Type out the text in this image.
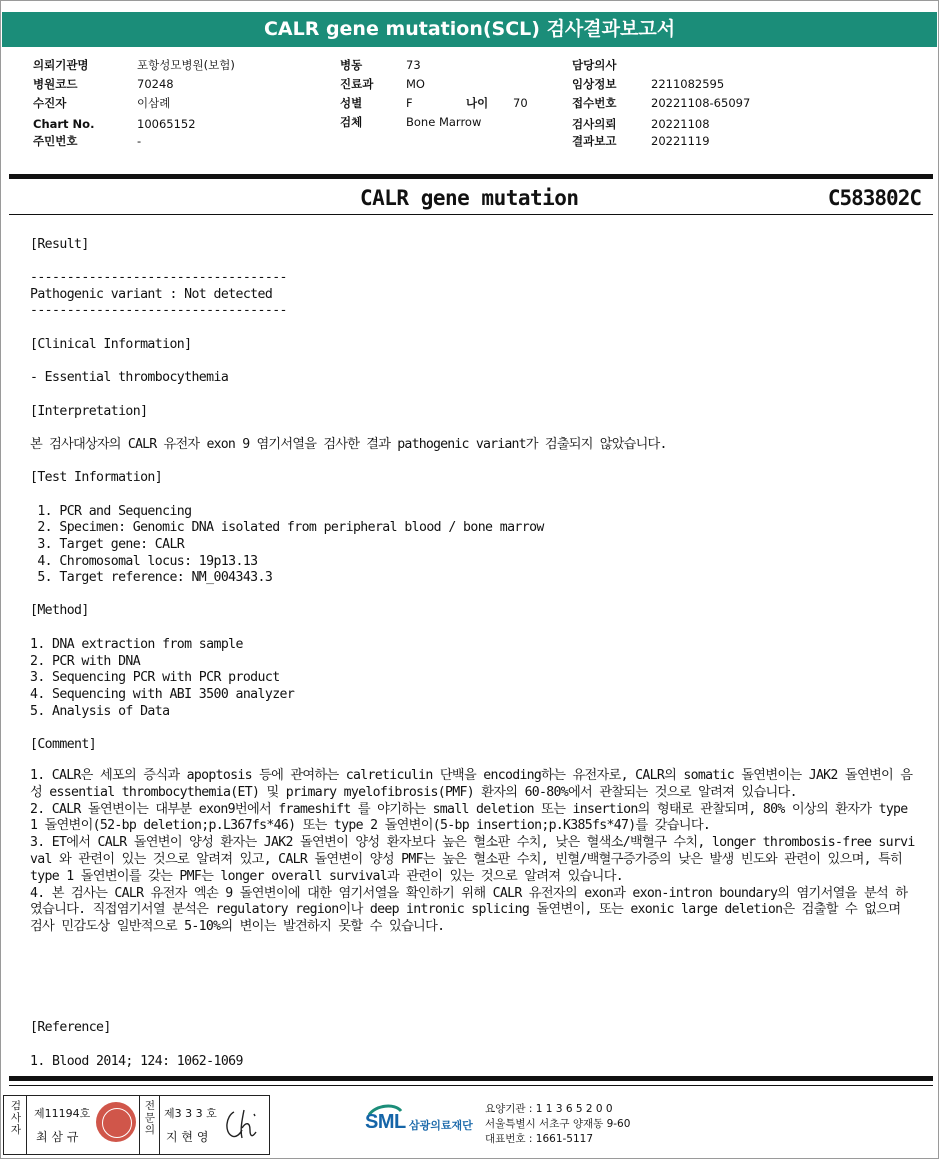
CALR gene mutation(SCL) 검사결과보고서
의뢰기관명	포항성모병원(보험)
병원코드	70248
수진자	이삼례
Chart No.	10065152
주민번호	-
병동	73
진료과	MO
성별	F	나이 70
검체	Bone Marrow
담당의사
임상정보	2211082595
접수번호	20221108-65097
검사의뢰	20221108
결과보고	20221119
CALR gene mutation	C583802C
[Result]
-----------------------------------
Pathogenic variant : Not detected
-----------------------------------
[Clinical Information]
- Essential thrombocythemia
[Interpretation]
본 검사대상자의 CALR 유전자 exon 9 염기서열을 검사한 결과 pathogenic variant가 검출되지 않았습니다.
[Test Information]
1. PCR and Sequencing
2. Specimen: Genomic DNA isolated from peripheral blood / bone marrow
3. Target gene: CALR
4. Chromosomal locus: 19p13.13
5. Target reference: NM_004343.3
[Method]
1. DNA extraction from sample
2. PCR with DNA
3. Sequencing PCR with PCR product
4. Sequencing with ABI 3500 analyzer
5. Analysis of Data
[Comment]
1. CALR은 세포의 증식과 apoptosis 등에 관여하는 calreticulin 단백을 encoding하는 유전자로, CALR의 somatic 돌연변이는 JAK2 돌연변이 음성 essential thrombocythemia(ET) 및 primary myelofibrosis(PMF) 환자의 60-80%에서 관찰되는 것으로 알려져 있습니다.
2. CALR 돌연변이는 대부분 exon9번에서 frameshift 를 야기하는 small deletion 또는 insertion의 형태로 관찰되며, 80% 이상의 환자가 type 1 돌연변이(52-bp deletion;p.L367fs*46) 또는 type 2 돌연변이(5-bp insertion;p.K385fs*47)를 갖습니다.
3. ET에서 CALR 돌연변이 양성 환자는 JAK2 돌연변이 양성 환자보다 높은 혈소판 수치, 낮은 혈색소/백혈구 수치, longer thrombosis-free survival 와 관련이 있는 것으로 알려져 있고, CALR 돌연변이 양성 PMF는 높은 혈소판 수치, 빈혈/백혈구증가증의 낮은 발생 빈도와 관련이 있으며, 특히 type 1 돌연변이를 갖는 PMF는 longer overall survival과 관련이 있는 것으로 알려져 있습니다.
4. 본 검사는 CALR 유전자 엑손 9 돌연변이에 대한 염기서열을 확인하기 위해 CALR 유전자의 exon과 exon-intron boundary의 염기서열을 분석 하였습니다. 직접염기서열 분석은 regulatory region이나 deep intronic splicing 돌연변이, 또는 exonic large deletion은 검출할 수 없으며 검사 민감도상 일반적으로 5-10%의 변이는 발견하지 못할 수 있습니다.
[Reference]
1. Blood 2014; 124: 1062-1069
검사자
제11194호
최 삼 규
전문의
제3 3 3 호
지 현 영
SML 삼광의료재단
요양기관 : 1 1 3 6 5 2 0 0
서울특별시 서초구 양재동 9-60
대표번호 : 1661-5117
